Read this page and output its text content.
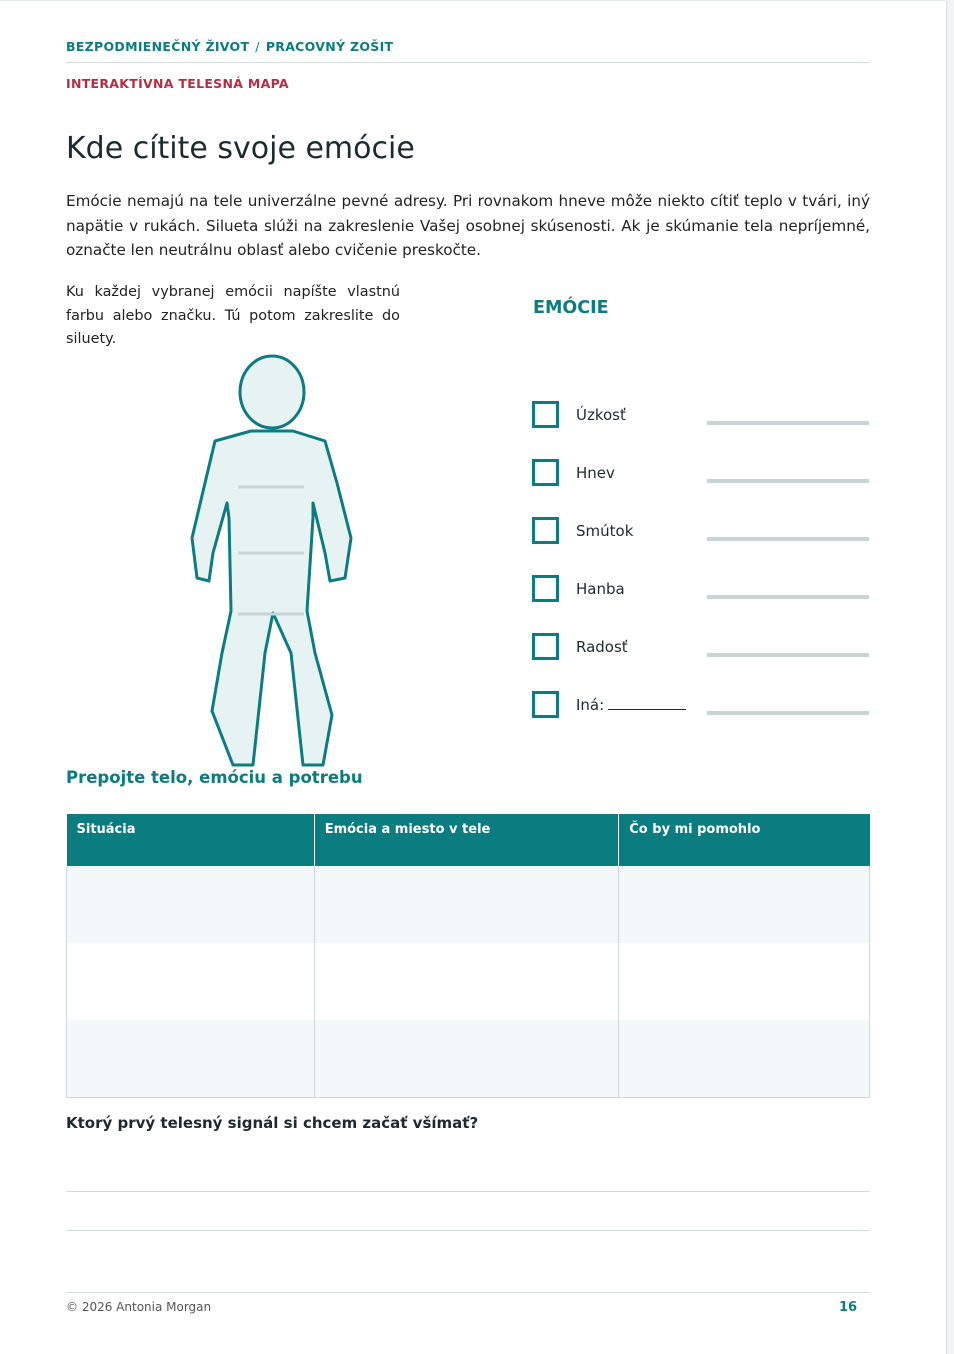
BEZPODMIENEČNÝ ŽIVOT / PRACOVNÝ ZOŠIT
INTERAKTÍVNA TELESNÁ MAPA
Kde cítite svoje emócie

Emócie nemajú na tele univerzálne pevné adresy. Pri rovnakom hneve môže niekto cítiť teplo v tvári, iný napätie v rukách. Silueta slúži na zakreslenie Vašej osobnej skúsenosti. Ak je skúmanie tela nepríjemné, označte len neutrálnu oblasť alebo cvičenie preskočte.

Ku každej vybranej emócii napíšte vlastnú farbu alebo značku. Tú potom zakreslite do siluety.

EMÓCIE
Úzkosť
Hnev
Smútok
Hanba
Radosť
Iná:
Prepojte telo, emóciu a potrebu
Situácia	Emócia a miesto v tele	Čo by mi pomohlo

Ktorý prvý telesný signál si chcem začať všímať?
© 2026 Antonia Morgan	16
